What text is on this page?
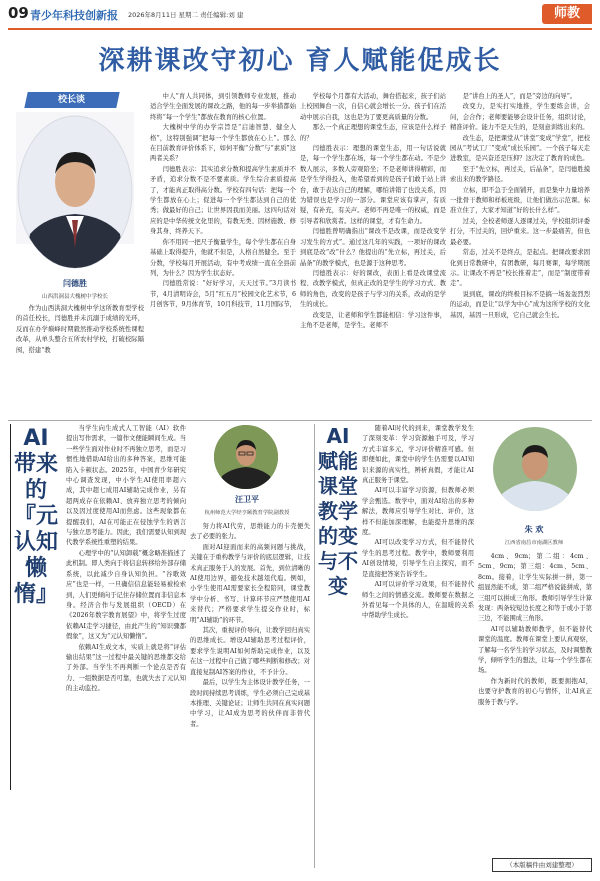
09 青少年科技创新报 2026年8月11日 星期二 责任编辑:刘 建	师教
深耕课改守初心 育人赋能促成长
校长谈
闫德胜
山西洪洞县大槐树中学校长

作为山西洪洞大槐树中学这所教育型学校的首任校长，闫德胜并未沉溺于成绩的光环，反而在办学巅峰时期毅然推动学校系统性课程改革，从单头整合五所农村学校，打破校际隔阂，搭建“教

中人”育人共同体，到引领教师专业发展，推动适合学生全面发展的课改之路，他的每一步举措都始终将“每一个学生”都放在教育的核心位置。

大槐树中学的办学宗旨是“启迪智慧、健全人格”，这特别强调“把每一个学生都放在心上”。那么在目前教育评价体系下，如何平衡“分数”与“素质”这两者关系？

闫德胜表示：其实追求分数和提高学生素质并不矛盾，追求分数不是不要素质。学生综合素质提高了，才能真正取得高分数。学校有四句话：把每一个学生都放在心上；促进每一个学生都达到自己的优秀；做最好的自己；让世界因我而美丽。这四句话对应的是中华传统文化里的，有教无类、因材施教、修身其身、终养天下。

你不用同一把尺子衡量学生，每个学生都在自身基础上取得提升，他就不但是，人格自然健全。至于分数，学校每月开展活动，有中考成绩一直在全县前列，为什么？因为学生状态好。

闫德胜常说：“好好学习，天天过节。”3月读书节，4月清明诗会，5月“红五月”校园文化艺术节，6月创客节，9月体育节，10月科技节，11月国际节，

学校每个月都有大活动，舞台搭起来，孩子们站上校园舞台一次，自信心就会增长一分。孩子们在活动中展示自我，这也是为了要更高质量的分数。

那么一个真正理想的课堂生态，应该是什么样子的？

闫德胜表示：理想的课堂生态，用一句话说就是，每一个学生都在场，每一个学生都在动。不是少数人展示，多数人旁观陪坐；不是老师讲得精彩，而是学生学得投入，他希望看到的是孩子们敢于站上讲台，敢于表达自己的理解，哪怕讲错了也没关系，因为错误也是学习的一部分。课堂应该有掌声，有质疑，有补充，有关声。老师不再是唯一的权威，而是引导者和欣赏者。这样的课堂，才有生命力。

闫德胜曾明确指出“课改不是改课，而是改变学习发生的方式”。通过这几年的实践，一项好的课改到底是改“改”什么？他提出的“先立标，再过关，后晶条”的教学模式，也是源于这种思考。

闫德胜表示：好的课改，表面上看是改课堂流程、改教学模式，但真正改的是学生的学习方式、教师的角色，改变的是孩子与学习的关系，改动的是学生的成长。

改变是，让老师和学生都能相信：学习这件事，主角不是老师，是学生。老师不

是“讲台上的圣人”，而是“旁边的向导”。

改变力，是实打实地推，学生要练会讲，会问，会合作；老师要能够会设计任务，组织讨论，精准评价。能力不是天生的，是刻意训练出来的。

改生态，是把课堂从“讲堂”变成“学堂”，把校园从“考试工厂”变成“成长乐园”。一个孩子每天走进教室，是兴奋还是压抑？这决定了教育的成色。

至于“先立标，再过关，后晶条”，是闫德胜摸索出来的教学路径。

立标，即不急于全面铺开，而是集中力量培养一批骨干教师和样板班级，让他们做出示范课。标准立住了，大家才知道“好的长什么样”。

过关，全校老师逐人逐课过关，学校组织评委打分，不过关的，回炉重来。这一步最痛苦，但也最必要。

常态，过关不是终点，是起点。把课改要求固化到日常教研中，有团教研，每月赛课，每学期展示。让课改不再是“校长推着走”，而是“制度带着走”。

说到底，课改的终极目标不是搞一场轰轰烈烈的运动，而是让“以学为中心”成为这所学校的文化基因，基因一旦形成，它自己就会生长。

AI带来的『元认知懒惰』

当学生向生成式人工智能（AI）软件提出写作需求，一篇作文便能瞬间生成。当一些学生面对作业时不再独立思考，而是习惯性地借助AI给出的多种答案，思维可能陷入卡顿状态。2025年，中国青少年研究中心调查发现，中小学生AI使用率超六成，其中超七成用AI辅助完成作业，另有超两成存在依赖AI、放弃独立思考的倾向以及因过度使用AI而焦虑。这些现象都在提醒我们，AI在可能正在侵蚀学生的语言与独立思考能力。因此，我们需要认知到现代教学系统性重塑的结果。

心理学中的“认知卸载”概念略准描述了此机制。即人类向于将信息转移给外部存储系统，以此减少自身认知负担。“谷歌效应”也是一样，一旦确信信息能轻易被检索到，人们更倾向于记住存储位置而非信息本身。经济合作与发展组织（OECD）在《2026年数字教育展望》中，将学生过度依赖AI走学习捷径，由此产生的“知识骤都假象”，这又为“元认知懒惰”。

依赖AI生成文本，实质上就是将“评估输出结果”这一过程中最关键的思维都交给了外部。当学生不再判断一个论点是否有力、一组数据是否可靠，也就失去了元认知的主动监控。

汪卫平
杭州师范大学经亨颐教育学院副教授

努力将AI代劳，思维能力的卡壳便失去了必要的张力。

面对AI迎面而来的高频问题与挑战，关键在于重构教学与评价的底层逻辑，让技术真正服务于人的发展。首先，到位清晰的AI使用边界，避免技术越俎代庖。例如，小学生使用AI需要家长全程陪同，课堂教学中分析、书写、计算环节应严禁使用AI来替代；严格要求学生提交作业时，标明“AI辅助”的环节。

其次，重视评价导向，让教学回归真实的思维成长。增设AI辅助思考过程评价，要求学生说明AI如何帮助完成作业，以及在这一过程中自己做了哪些判断和修改；对直接复制AI答案的作业，不予计分。

最后，以学生为主体设计教学任务，一段时间持续思考训练，学生必须自己完成基本推理、关键论证；让师生共同在真实问题中学习，让AI成为思考的伙伴而非替代者。

AI赋能课堂教学的变与不变

随着AI时代的到来，课堂教学发生了深刻变革：学习资源触手可及，学习方式丰富多元，学习评价精准可感。但即便如此，课堂中的学生仍需要以AI知识来源的真实性，辨析真假，才能让AI真正服务于课堂。

AI可以丰富学习资源，但教师必须学会甄选。数学中，面对AI给出的多种解法，教师应引导学生对比、评价，这样不但能加深理解，也能提升思维的深度。

AI可以改变学习方式，但不能替代学生的思考过程。教学中，教师要利用AI创设情境，引导学生自主探究，而不是直接把答案告诉学生。

AI可以评价学习效果，但不能替代师生之间的情感交流。教师要在数据之外看见每一个具体的人，在温暖的关系中帮助学生成长。

朱 欢
江西省南昌市南湖区教师

4cm、9cm；第二组：4cm、5cm、9cm；第三组：4cm、5cm、8cm。接着，让学生实际拼一拼，第一组显然能不成，第二组严格说能拼成，第三组可以拼成三角形。教师引导学生计算发现：两条较短边长度之和等于或小于第三边，不能围成三角形。

AI可以辅助教师教学，但不能替代课堂的温度。教师在课堂上要认真观察，了解每一名学生的学习状态，及时调整教学，倾听学生的想法，让每一个学生都在场。

作为新时代的教师，既要拥抱AI，也要守护教育的初心与情怀，让AI真正服务于教与学。

（本版稿件由刘建整理）
